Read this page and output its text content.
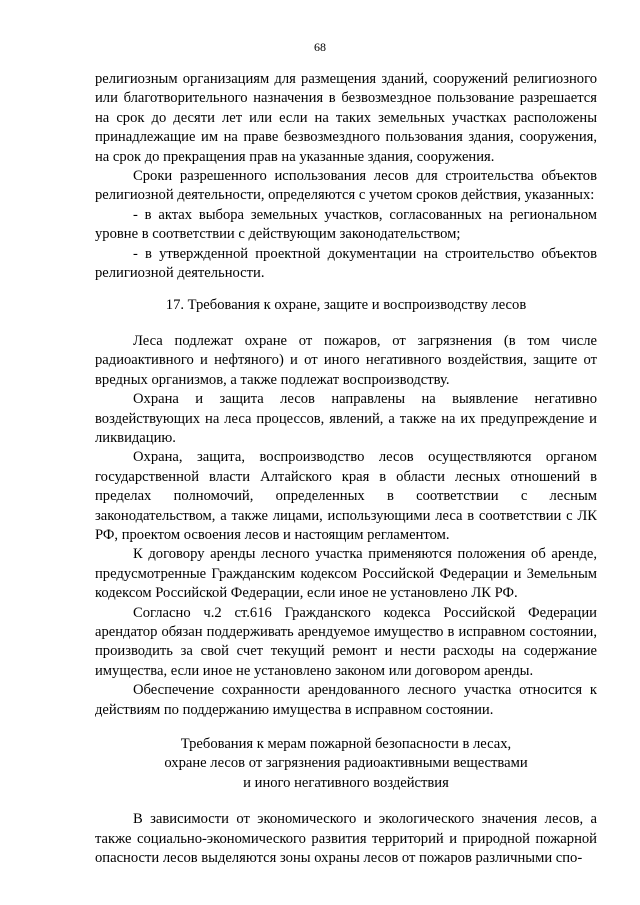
68

религиозным организациям для размещения зданий, сооружений религиозного или благотворительного назначения в безвозмездное пользование разрешается на срок до десяти лет или если на таких земельных участках расположены принадлежащие им на праве безвозмездного пользования здания, сооружения, на срок до прекращения прав на указанные здания, сооружения.

Сроки разрешенного использования лесов для строительства объектов религиозной деятельности, определяются с учетом сроков действия, указанных:

- в актах выбора земельных участков, согласованных на региональном уровне в соответствии с действующим законодательством;

- в утвержденной проектной документации на строительство объектов религиозной деятельности.

17. Требования к охране, защите и воспроизводству лесов

Леса подлежат охране от пожаров, от загрязнения (в том числе радиоактивного и нефтяного) и от иного негативного воздействия, защите от вредных организмов, а также подлежат воспроизводству.

Охрана и защита лесов направлены на выявление негативно воздействующих на леса процессов, явлений, а также на их предупреждение и ликвидацию.

Охрана, защита, воспроизводство лесов осуществляются органом государственной власти Алтайского края в области лесных отношений в пределах полномочий, определенных в соответствии с лесным законодательством, а также лицами, использующими леса в соответствии с ЛК РФ, проектом освоения лесов и настоящим регламентом.

К договору аренды лесного участка применяются положения об аренде, предусмотренные Гражданским кодексом Российской Федерации и Земельным кодексом Российской Федерации, если иное не установлено ЛК РФ.

Согласно ч.2 ст.616 Гражданского кодекса Российской Федерации арендатор обязан поддерживать арендуемое имущество в исправном состоянии, производить за свой счет текущий ремонт и нести расходы на содержание имущества, если иное не установлено законом или договором аренды.

Обеспечение сохранности арендованного лесного участка относится к действиям по поддержанию имущества в исправном состоянии.

Требования к мерам пожарной безопасности в лесах,
охране лесов от загрязнения радиоактивными веществами
и иного негативного воздействия

В зависимости от экономического и экологического значения лесов, а также социально-экономического развития территорий и природной пожарной опасности лесов выделяются зоны охраны лесов от пожаров различными спо-
